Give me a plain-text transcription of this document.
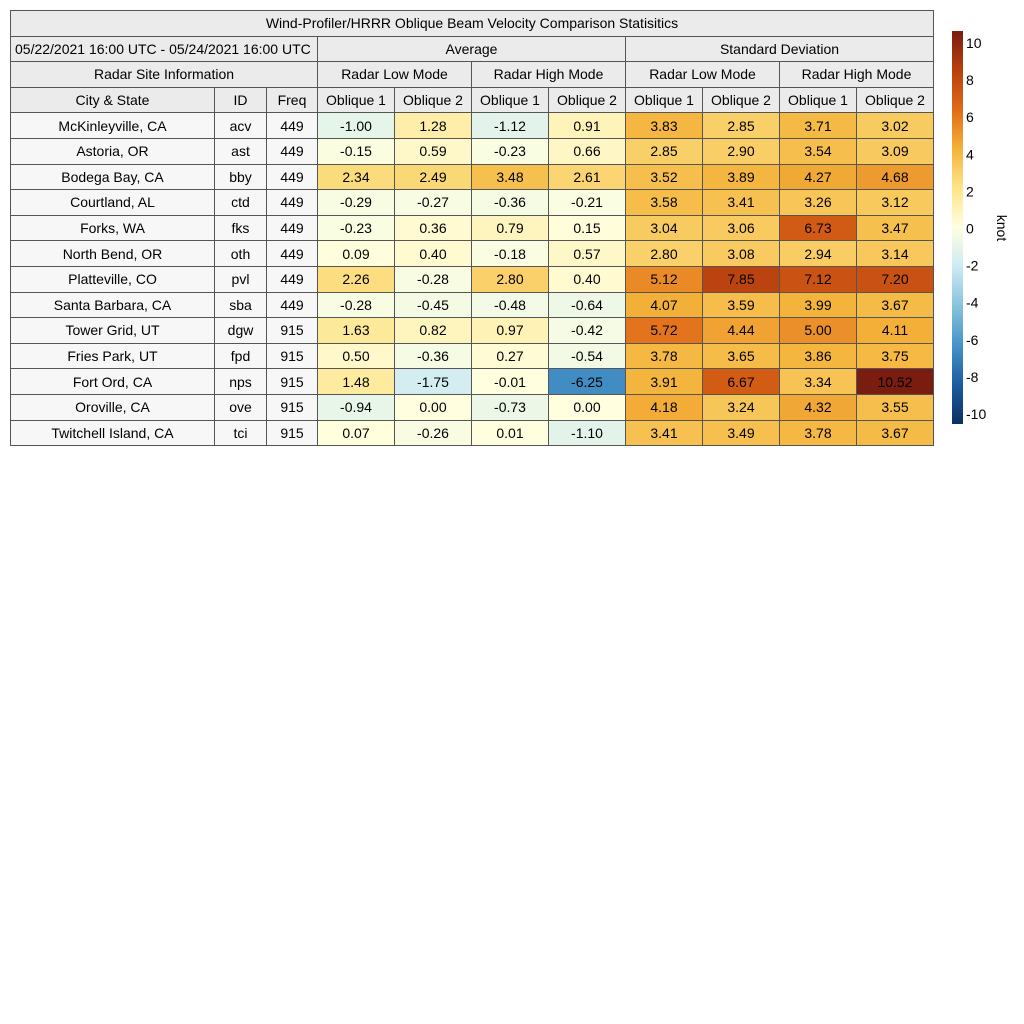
Wind-Profiler/HRRR Oblique Beam Velocity Comparison Statisitics										
05/22/2021 16:00 UTC - 05/24/2021 16:00 UTC			Average				Standard Deviation			
Radar Site Information			Radar Low Mode		Radar High Mode		Radar Low Mode		Radar High Mode	
City & State	ID	Freq	Oblique 1	Oblique 2	Oblique 1	Oblique 2	Oblique 1	Oblique 2	Oblique 1	Oblique 2
McKinleyville, CA	acv	449	-1.00	1.28	-1.12	0.91	3.83	2.85	3.71	3.02
Astoria, OR	ast	449	-0.15	0.59	-0.23	0.66	2.85	2.90	3.54	3.09
Bodega Bay, CA	bby	449	2.34	2.49	3.48	2.61	3.52	3.89	4.27	4.68
Courtland, AL	ctd	449	-0.29	-0.27	-0.36	-0.21	3.58	3.41	3.26	3.12
Forks, WA	fks	449	-0.23	0.36	0.79	0.15	3.04	3.06	6.73	3.47
North Bend, OR	oth	449	0.09	0.40	-0.18	0.57	2.80	3.08	2.94	3.14
Platteville, CO	pvl	449	2.26	-0.28	2.80	0.40	5.12	7.85	7.12	7.20
Santa Barbara, CA	sba	449	-0.28	-0.45	-0.48	-0.64	4.07	3.59	3.99	3.67
Tower Grid, UT	dgw	915	1.63	0.82	0.97	-0.42	5.72	4.44	5.00	4.11
Fries Park, UT	fpd	915	0.50	-0.36	0.27	-0.54	3.78	3.65	3.86	3.75
Fort Ord, CA	nps	915	1.48	-1.75	-0.01	-6.25	3.91	6.67	3.34	10.52
Oroville, CA	ove	915	-0.94	0.00	-0.73	0.00	4.18	3.24	4.32	3.55
Twitchell Island, CA	tci	915	0.07	-0.26	0.01	-1.10	3.41	3.49	3.78	3.67
10
8
6
4
2
0
-2
-4
-6
-8
-10
knot
